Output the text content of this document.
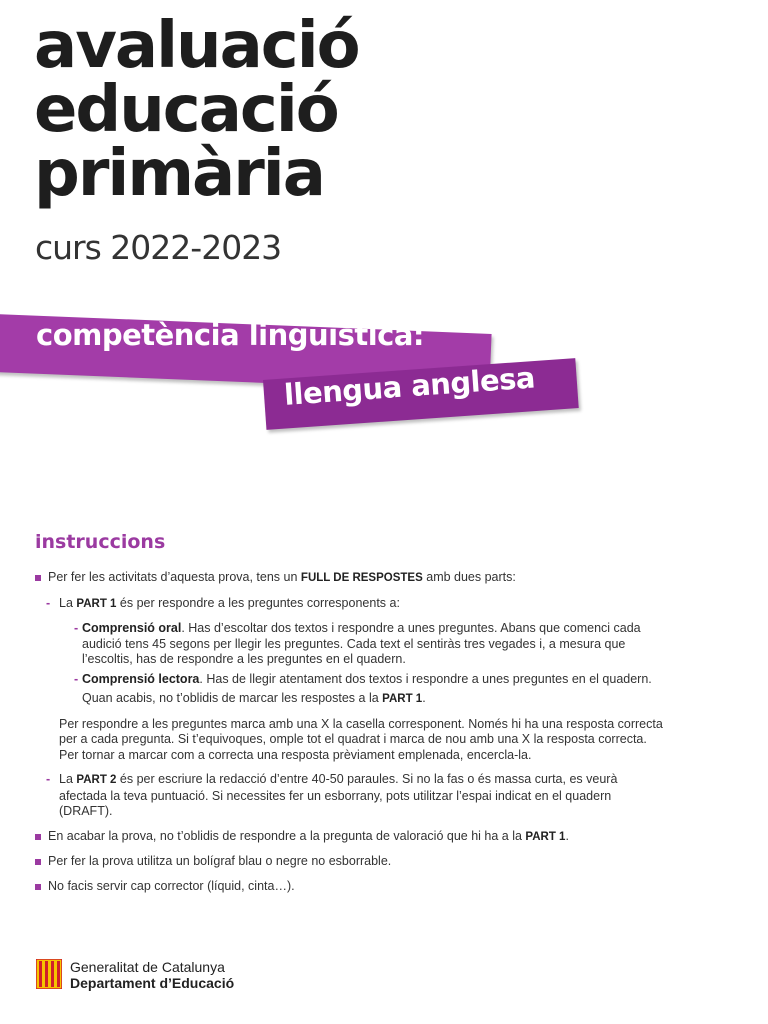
avaluació
educació
primària
curs 2022-2023
competència lingüística:
llengua anglesa
instruccions
Per fer les activitats d’aquesta prova, tens un FULL DE RESPOSTES amb dues parts:
- La PART 1 és per respondre a les preguntes corresponents a:
- Comprensió oral. Has d’escoltar dos textos i respondre a unes preguntes. Abans que comenci cada audició tens 45 segons per llegir les preguntes. Cada text el sentiràs tres vegades i, a mesura que l’escoltis, has de respondre a les preguntes en el quadern.
- Comprensió lectora. Has de llegir atentament dos textos i respondre a unes preguntes en el quadern.
Quan acabis, no t’oblidis de marcar les respostes a la PART 1.
Per respondre a les preguntes marca amb una X la casella corresponent. Només hi ha una resposta correcta per a cada pregunta. Si t’equivoques, omple tot el quadrat i marca de nou amb una X la resposta correcta. Per tornar a marcar com a correcta una resposta prèviament emplenada, encercla-la.
- La PART 2 és per escriure la redacció d’entre 40-50 paraules. Si no la fas o és massa curta, es veurà afectada la teva puntuació. Si necessites fer un esborrany, pots utilitzar l’espai indicat en el quadern (DRAFT).
En acabar la prova, no t’oblidis de respondre a la pregunta de valoració que hi ha a la PART 1.
Per fer la prova utilitza un bolígraf blau o negre no esborrable.
No facis servir cap corrector (líquid, cinta…).
Generalitat de Catalunya
Departament d’Educació
